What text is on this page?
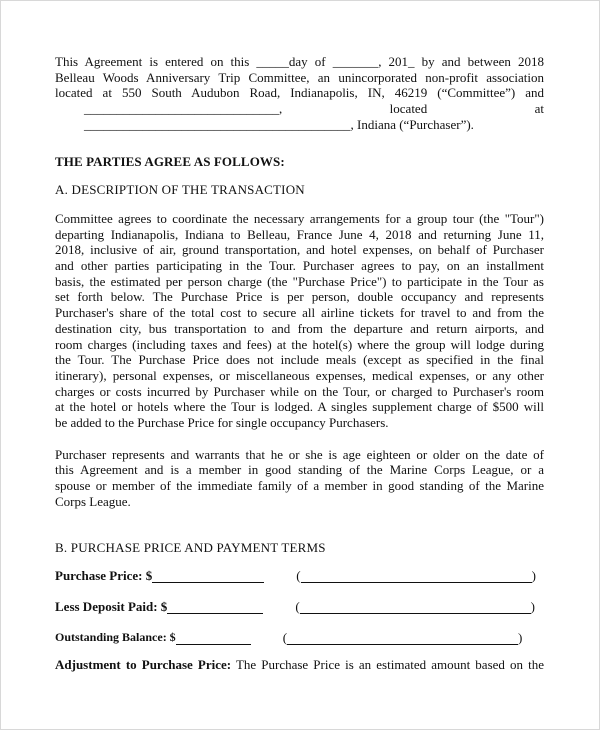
This Agreement is entered on this _____day of _______, 201_ by and between 2018

Belleau Woods Anniversary Trip Committee, an unincorporated non-profit association

located at 550 South Audubon Road, Indianapolis, IN, 46219 (“Committee”) and

______________________________, located at

_________________________________________, Indiana (“Purchaser”).

THE PARTIES AGREE AS FOLLOWS:

A. DESCRIPTION OF THE TRANSACTION

Committee agrees to coordinate the necessary arrangements for a group tour (the "Tour")

departing Indianapolis, Indiana to Belleau, France June 4, 2018 and returning June 11,

2018, inclusive of air, ground transportation, and hotel expenses, on behalf of Purchaser

and other parties participating in the Tour. Purchaser agrees to pay, on an installment

basis, the estimated per person charge (the "Purchase Price") to participate in the Tour as

set forth below. The Purchase Price is per person, double occupancy and represents

Purchaser's share of the total cost to secure all airline tickets for travel to and from the

destination city, bus transportation to and from the departure and return airports, and

room charges (including taxes and fees) at the hotel(s) where the group will lodge during

the Tour. The Purchase Price does not include meals (except as specified in the final

itinerary), personal expenses, or miscellaneous expenses, medical expenses, or any other

charges or costs incurred by Purchaser while on the Tour, or charged to Purchaser's room

at the hotel or hotels where the Tour is lodged. A singles supplement charge of $500 will

be added to the Purchase Price for single occupancy Purchasers.

Purchaser represents and warrants that he or she is age eighteen or older on the date of

this Agreement and is a member in good standing of the Marine Corps League, or a

spouse or member of the immediate family of a member in good standing of the Marine

Corps League.

B. PURCHASE PRICE AND PAYMENT TERMS

Purchase Price: $	(	)
Less Deposit Paid: $	(	)
Outstanding Balance: $	(	)

Adjustment to Purchase Price: The Purchase Price is an estimated amount based on the
